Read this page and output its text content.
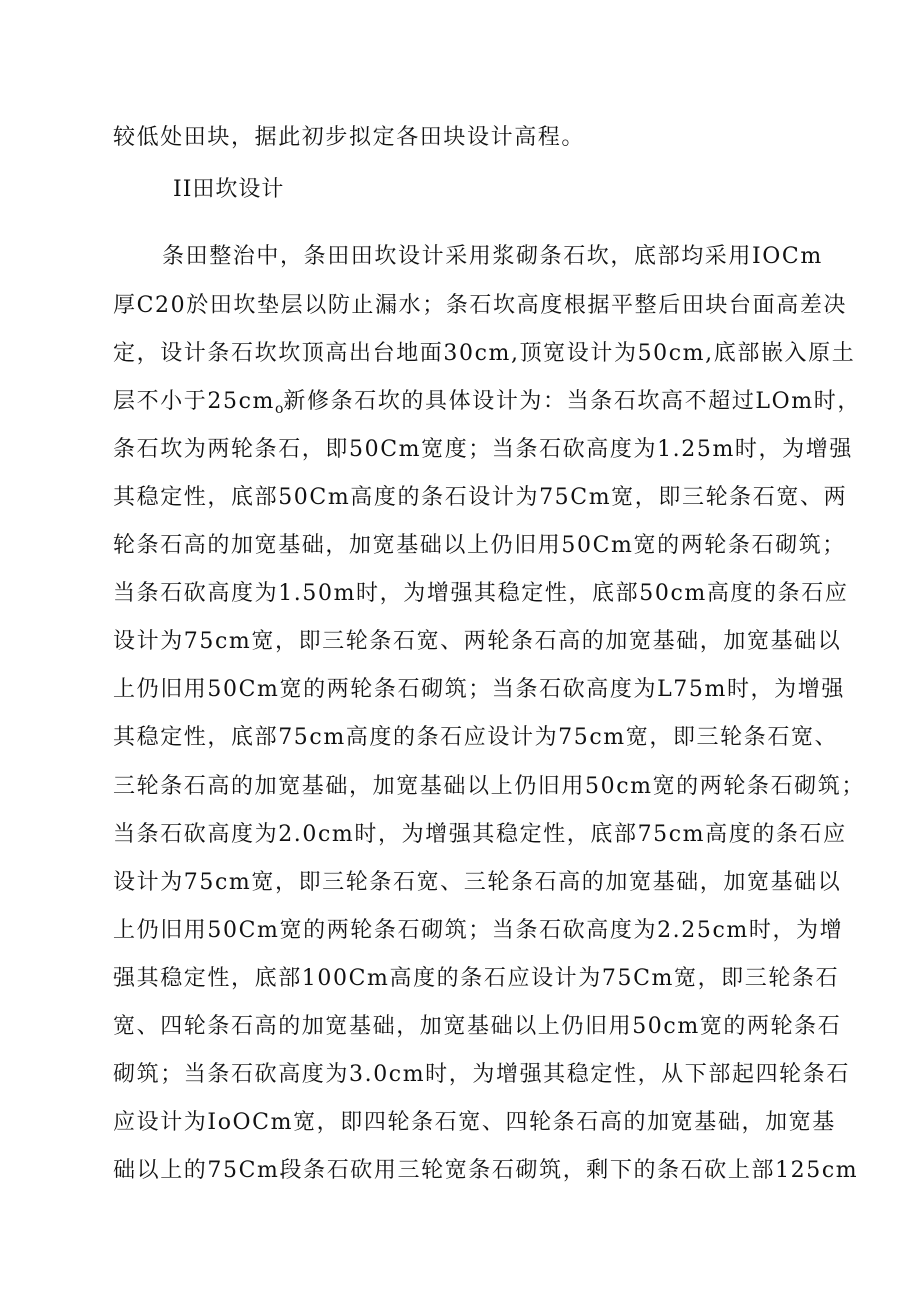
较低处田块，据此初步拟定各田块设计高程。
II田坎设计
条田整治中，条田田坎设计采用浆砌条石坎，底部均采用IOCm
厚C20於田坎垫层以防止漏水；条石坎高度根据平整后田块台面高差决
定，设计条石坎坎顶高出台地面30cm,顶宽设计为50cm,底部嵌入原土
层不小于$25cm_o$新修条石坎的具体设计为：当条石坎高不超过LOm时，
条石坎为两轮条石，即50Cm宽度；当条石砍高度为1.25m时，为增强
其稳定性，底部50Cm高度的条石设计为75Cm宽，即三轮条石宽、两
轮条石高的加宽基础，加宽基础以上仍旧用50Cm宽的两轮条石砌筑；
当条石砍高度为1.50m时，为增强其稳定性，底部50cm高度的条石应
设计为75cm宽，即三轮条石宽、两轮条石高的加宽基础，加宽基础以
上仍旧用50Cm宽的两轮条石砌筑；当条石砍高度为L75m时，为增强
其稳定性，底部75cm高度的条石应设计为75cm宽，即三轮条石宽、
三轮条石高的加宽基础，加宽基础以上仍旧用50cm宽的两轮条石砌筑；
当条石砍高度为2.0cm时，为增强其稳定性，底部75cm高度的条石应
设计为75cm宽，即三轮条石宽、三轮条石高的加宽基础，加宽基础以
上仍旧用50Cm宽的两轮条石砌筑；当条石砍高度为2.25cm时，为增
强其稳定性，底部100Cm高度的条石应设计为75Cm宽，即三轮条石
宽、四轮条石高的加宽基础，加宽基础以上仍旧用50cm宽的两轮条石
砌筑；当条石砍高度为3.0cm时，为增强其稳定性，从下部起四轮条石
应设计为IoOCm宽，即四轮条石宽、四轮条石高的加宽基础，加宽基
础以上的75Cm段条石砍用三轮宽条石砌筑，剩下的条石砍上部125cm
